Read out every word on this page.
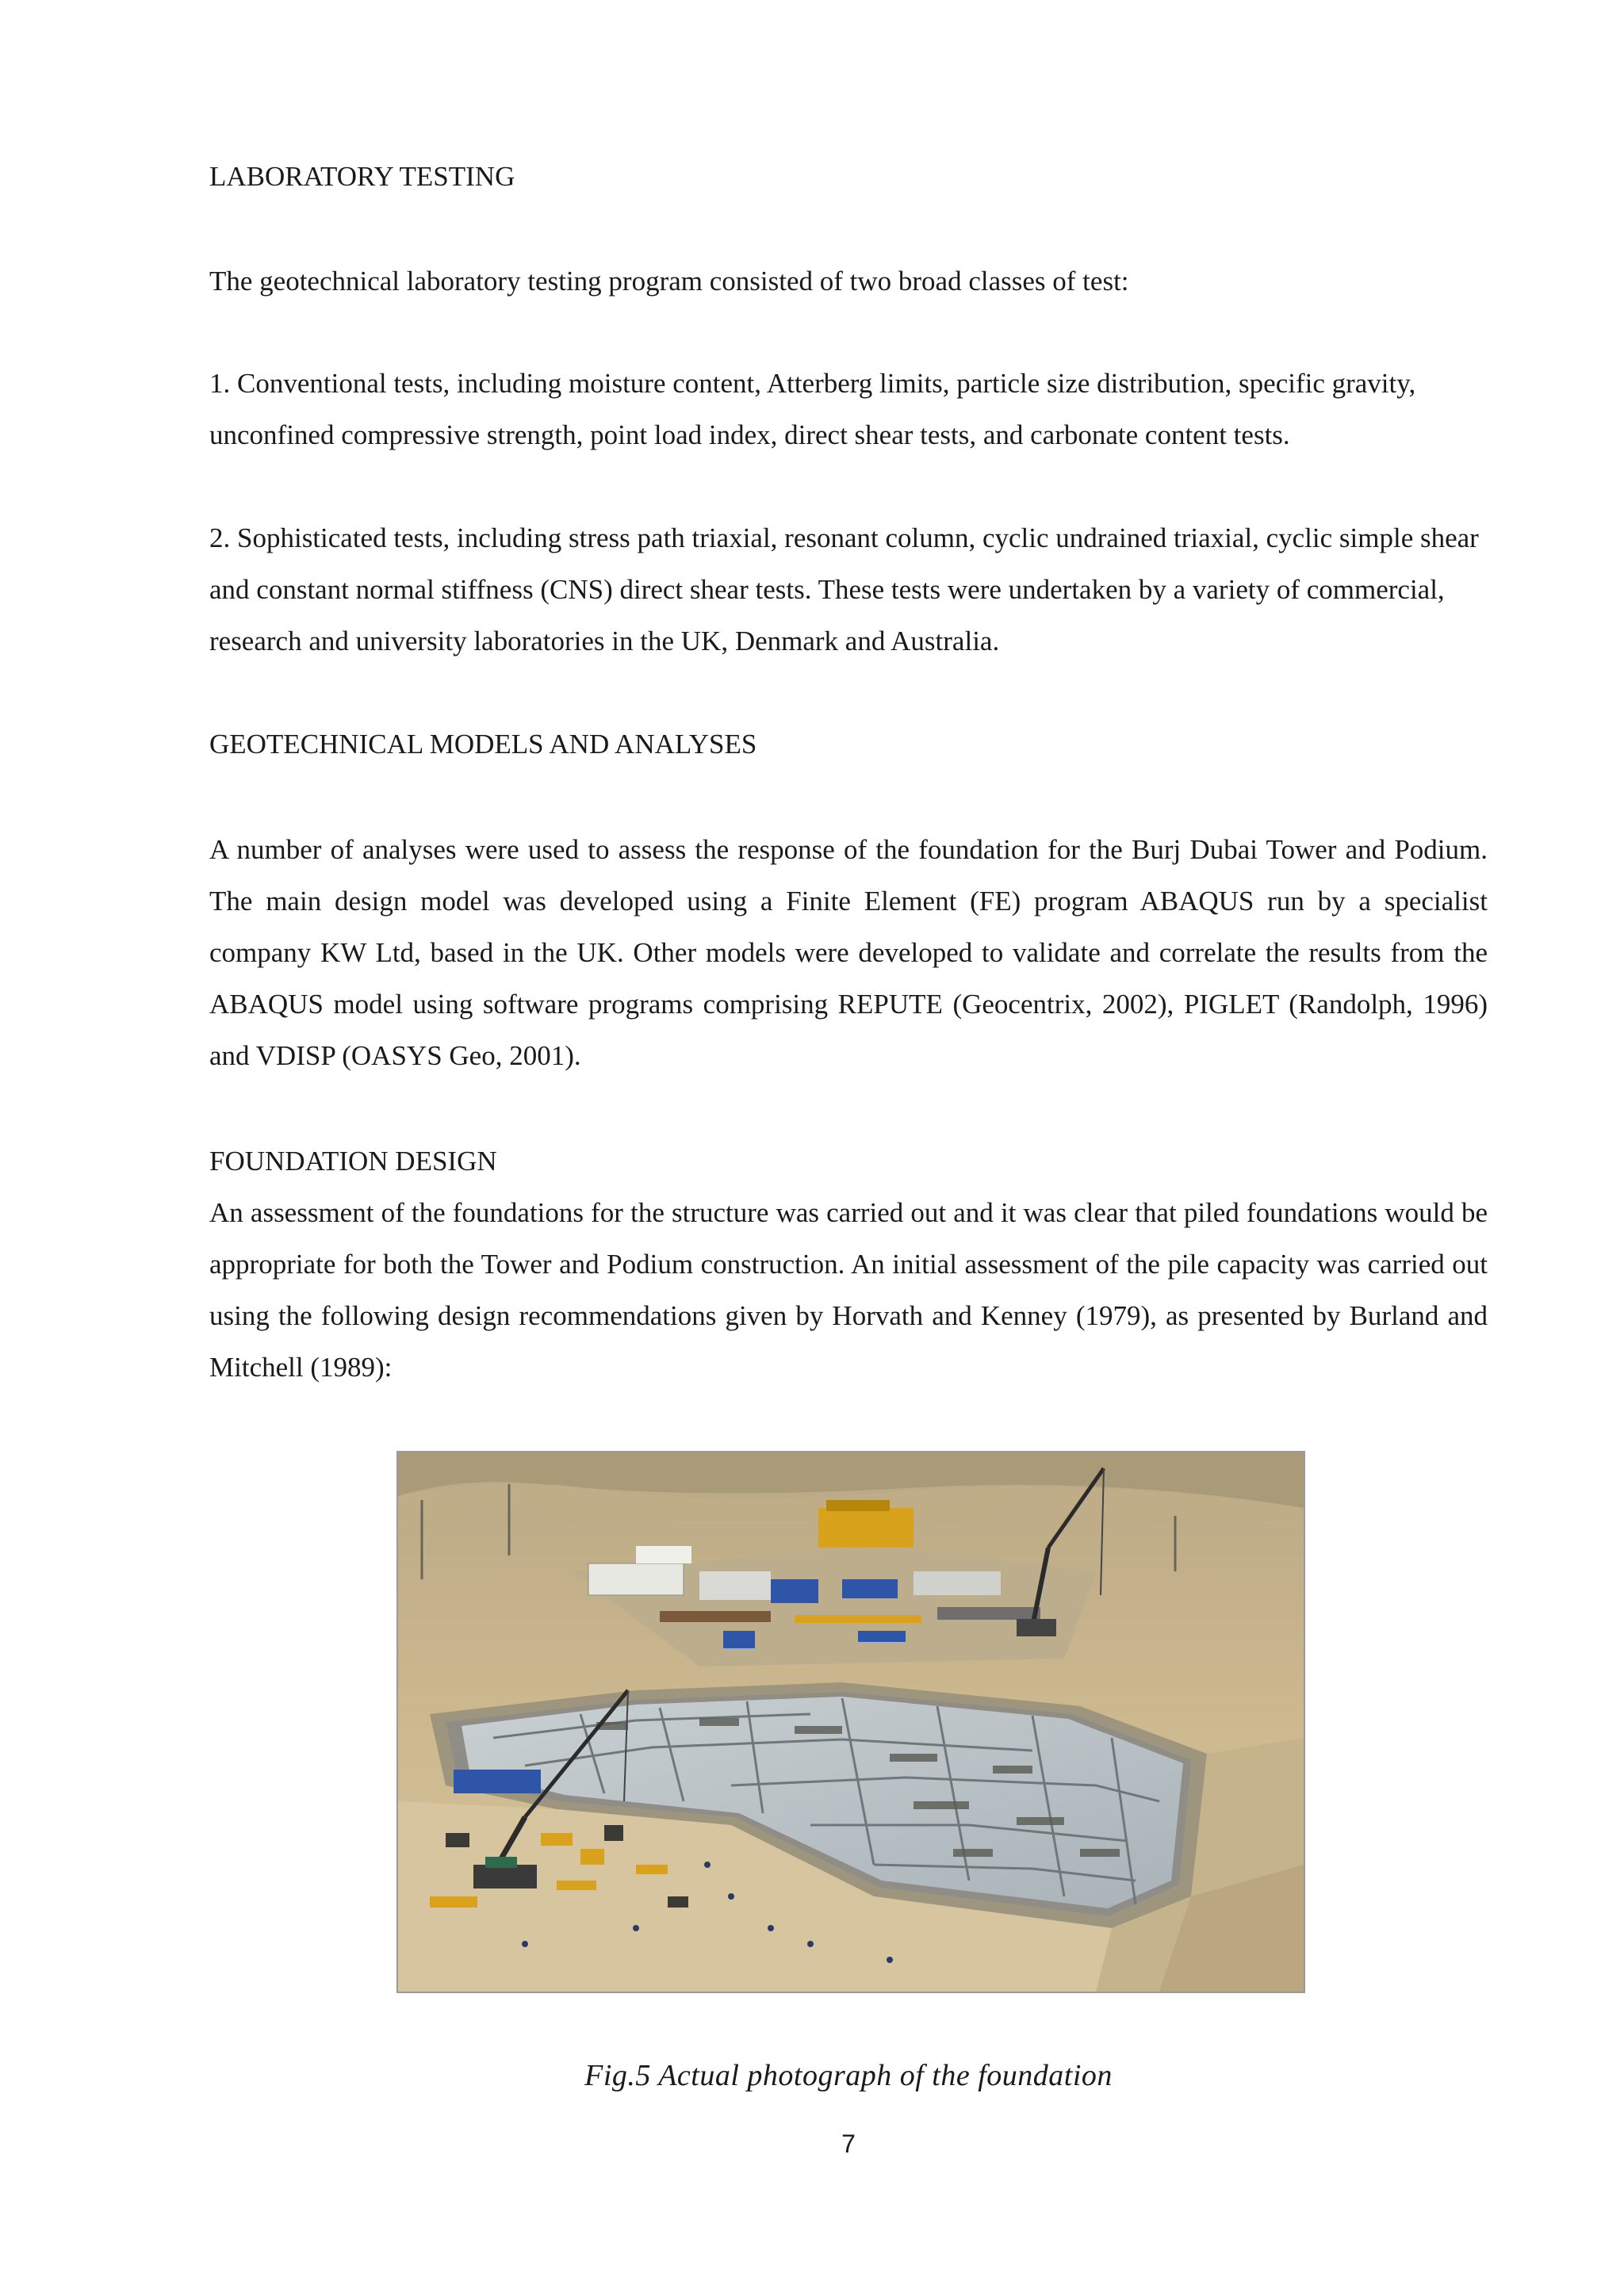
LABORATORY TESTING

The geotechnical laboratory testing program consisted of two broad classes of test:

1. Conventional tests, including moisture content, Atterberg limits, particle size distribution, specific gravity, unconfined compressive strength, point load index, direct shear tests, and carbonate content tests.

2. Sophisticated tests, including stress path triaxial, resonant column, cyclic undrained triaxial, cyclic simple shear and constant normal stiffness (CNS) direct shear tests. These tests were undertaken by a variety of commercial, research and university laboratories in the UK, Denmark and Australia.

GEOTECHNICAL MODELS AND ANALYSES

A number of analyses were used to assess the response of the foundation for the Burj Dubai Tower and Podium. The main design model was developed using a Finite Element (FE) program ABAQUS run by a specialist company KW Ltd, based in the UK. Other models were developed to validate and correlate the results from the ABAQUS model using software programs comprising REPUTE (Geocentrix, 2002), PIGLET (Randolph, 1996) and VDISP (OASYS Geo, 2001).

FOUNDATION DESIGN

An assessment of the foundations for the structure was carried out and it was clear that piled foundations would be appropriate for both the Tower and Podium construction. An initial assessment of the pile capacity was carried out using the following design recommendations given by Horvath and Kenney (1979), as presented by Burland and Mitchell (1989):

Fig.5 Actual photograph of the foundation
7
